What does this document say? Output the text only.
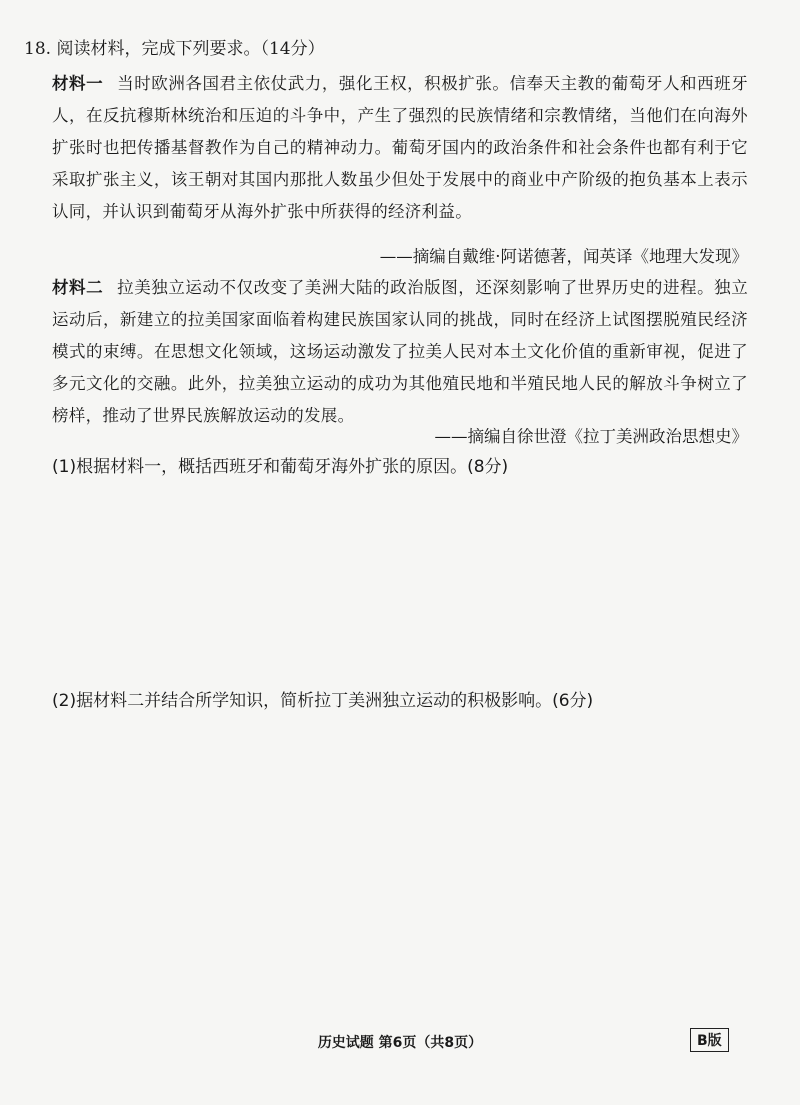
18. 阅读材料，完成下列要求。（14分）
材料一 当时欧洲各国君主依仗武力，强化王权，积极扩张。信奉天主教的葡萄牙人和西班牙人，在反抗穆斯林统治和压迫的斗争中，产生了强烈的民族情绪和宗教情绪，当他们在向海外扩张时也把传播基督教作为自己的精神动力。葡萄牙国内的政治条件和社会条件也都有利于它采取扩张主义，该王朝对其国内那批人数虽少但处于发展中的商业中产阶级的抱负基本上表示认同，并认识到葡萄牙从海外扩张中所获得的经济利益。
——摘编自戴维·阿诺德著，闻英译《地理大发现》
材料二 拉美独立运动不仅改变了美洲大陆的政治版图，还深刻影响了世界历史的进程。独立运动后，新建立的拉美国家面临着构建民族国家认同的挑战，同时在经济上试图摆脱殖民经济模式的束缚。在思想文化领域，这场运动激发了拉美人民对本土文化价值的重新审视，促进了多元文化的交融。此外，拉美独立运动的成功为其他殖民地和半殖民地人民的解放斗争树立了榜样，推动了世界民族解放运动的发展。
——摘编自徐世澄《拉丁美洲政治思想史》
(1)根据材料一，概括西班牙和葡萄牙海外扩张的原因。(8分)
(2)据材料二并结合所学知识，简析拉丁美洲独立运动的积极影响。(6分)
历史试题 第6页（共8页）	B版
